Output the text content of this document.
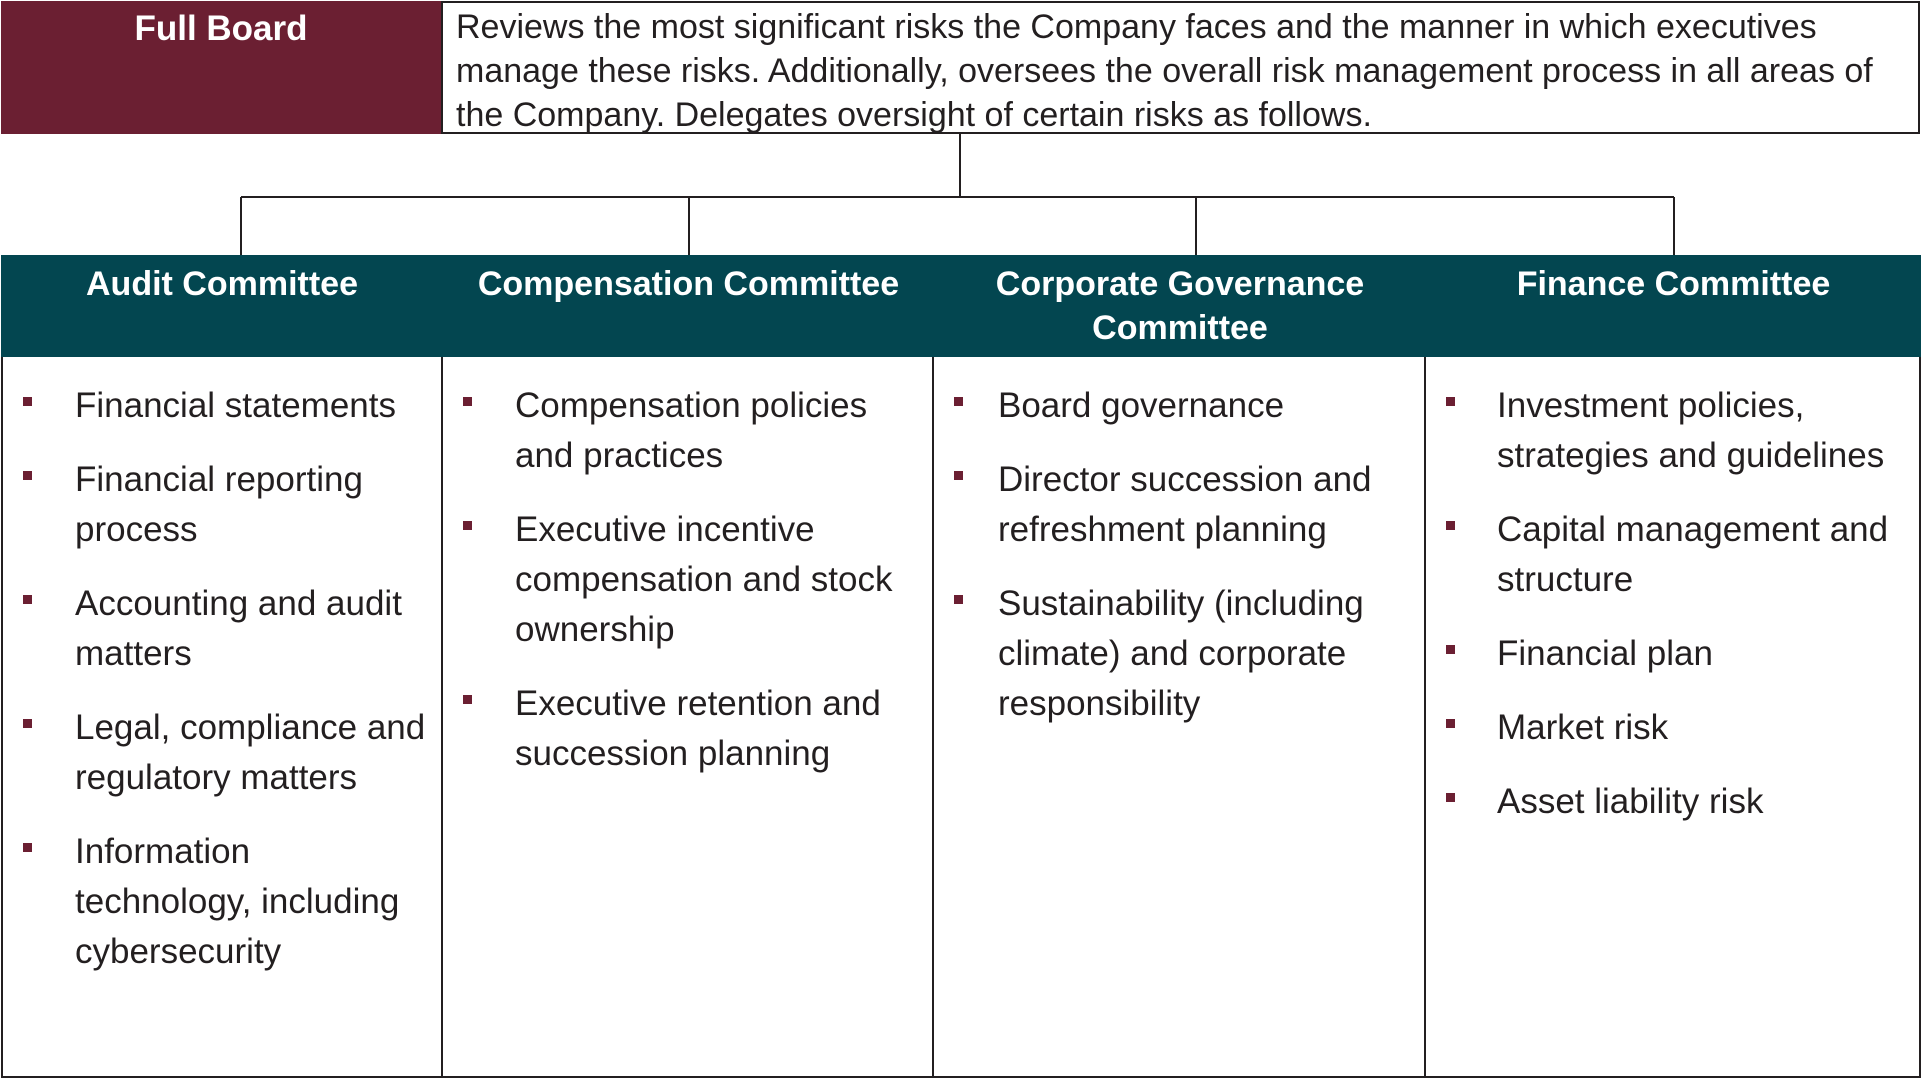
Full Board	Reviews the most significant risks the Company faces and the manner in which executives manage these risks. Additionally, oversees the overall risk management process in all areas of the Company. Delegates oversight of certain risks as follows.
Audit Committee
Financial statements
Financial reporting process
Accounting and audit matters
Legal, compliance and regulatory matters
Information technology, including cybersecurity
Compensation Committee
Compensation policies and practices
Executive incentive compensation and stock ownership
Executive retention and succession planning
Corporate Governance Committee
Board governance
Director succession and refreshment planning
Sustainability (including climate) and corporate responsibility
Finance Committee
Investment policies, strategies and guidelines
Capital management and structure
Financial plan
Market risk
Asset liability risk
